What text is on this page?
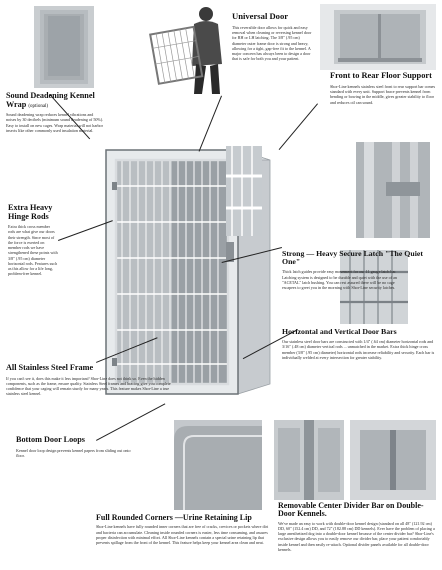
Universal Door
This reversible door allows for quick and easy removal when cleaning or reversing kennel door for RH or LH latching. The 3/8" (.95 cm) diameter outer frame door is strong and heavy, allowing for a tight, gap-free fit to the kennel. A major concern has always been to design a door that is safe for both you and your patient.
Front to Rear Floor Support
Shor-Line kennels stainless steel front to rear support bar comes standard with every unit. Support brace prevents kennel from bending or bowing in the middle, gives greater stability to floor and reduces oil can sound.
Sound Deadening Kennel Wrap (optional)
Sound deadening wrap reduces kennel vibrations and noises by 30 decibels (minimum sound deadening of 50%). Easy to install on new cages. Wrap material will not harbor insects like other commonly used insulation material.
Extra Heavy Hinge Rods
Extra thick cross member rods are what give our doors their strength. Since most of the force is exerted on member rods we have strengthened these points with 3/8" (.95 cm) diameter horizontal rods. Features such as this allow for a life long, problem-free kennel.
Strong — Heavy Secure Latch "The Quiet One"
Thick latch guides provide easy movement for our 11 gauge latch bar. Latching system is designed to be durable and quiet with the use of an "ACETAL" latch bushing. You can rest assured there will be no cage escapees to greet you in the morning with Shor-Line security latches.
Horizontal and Vertical Door Bars
Our stainless steel door bars are constructed with 1/4" (.64 cm) diameter horizontal rods and 3/16" (.48 cm) diameter vertical rods ... unmatched in the market. Extra thick hinge cross member (3/8" (.95 cm) diameter) horizontal rods increase reliability and security. Each bar is individually welded at every intersection for greater stability.
All Stainless Steel Frame
If you can't see it, does this make it less important? Shor-Line does not think so. Even the hidden components, such as the frame, ensure quality. Stainless Steel frames and bracing give you complete confidence that your caging will remain sturdy for many years. This feature makes Shor-Line a true stainless steel kennel.
Bottom Door Loops
Kennel door loop design prevents kennel papers from sliding out onto floor.
Full Rounded Corners —Urine Retaining Lip
Shor-Line kennels have fully rounded inner corners that are free of cracks, crevices or pockets where dirt and bacteria can accumulate. Cleaning inside rounded corners is easier, less time consuming, and assures proper disinfection with minimal effort. All Shor-Line kennels contain a special urine retaining lip that prevents spillage from the front of the kennel. This feature helps keep your kennel area clean and neat.
Removable Center Divider Bar on Double-Door Kennels.
We've made an easy to work with double-door kennel design (standard on all 48" (121.92 cm) DD, 60" (152.4 cm) DD, and 72" (182.88 cm) DD kennels). Ever have the problem of placing a large anesthetized dog into a double-door kennel because of the center divider bar? Shor-Line's exclusive design allows you to easily remove our divider bar, place your patient comfortably inside kennel and then easily re-attach. Optional divider panels available for all double-door kennels.
